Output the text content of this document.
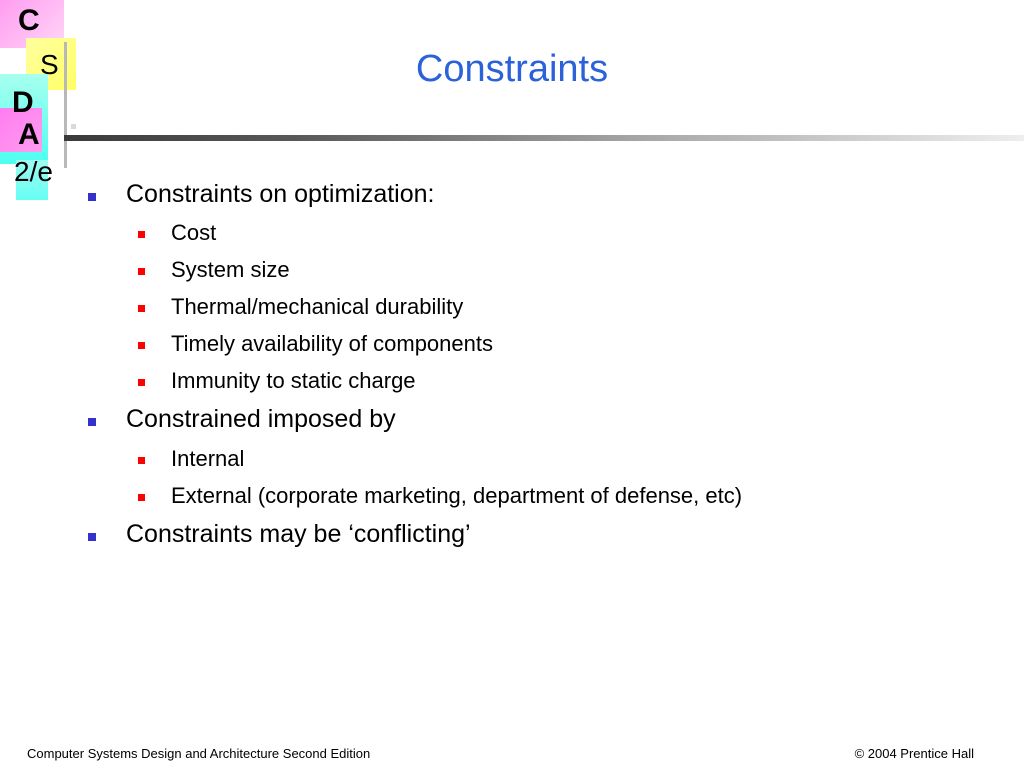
C
S
D
A
2/e
Constraints
Constraints on optimization:
Cost
System size
Thermal/mechanical durability
Timely availability of components
Immunity to static charge
Constrained imposed by
Internal
External (corporate marketing, department of defense, etc)
Constraints may be ‘conflicting’
Computer Systems Design and Architecture Second Edition	© 2004 Prentice Hall
